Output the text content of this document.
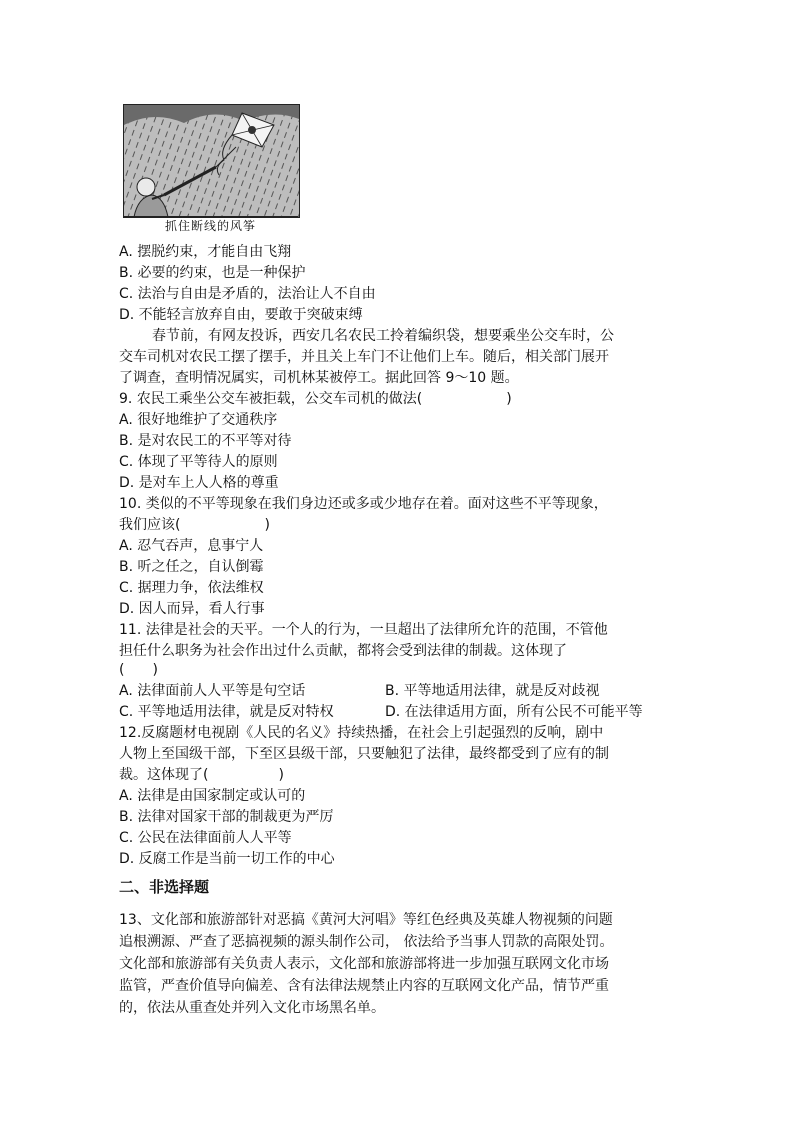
抓住断线的风筝
A. 摆脱约束，才能自由飞翔
B. 必要的约束，也是一种保护
C. 法治与自由是矛盾的，法治让人不自由
D. 不能轻言放弃自由，要敢于突破束缚
春节前，有网友投诉，西安几名农民工拎着编织袋，想要乘坐公交车时，公
交车司机对农民工摆了摆手，并且关上车门不让他们上车。随后，相关部门展开
了调查，查明情况属实，司机林某被停工。据此回答 9～10 题。
9. 农民工乘坐公交车被拒载，公交车司机的做法(　　　　　　)
A. 很好地维护了交通秩序
B. 是对农民工的不平等对待
C. 体现了平等待人的原则
D. 是对车上人人格的尊重
10. 类似的不平等现象在我们身边还或多或少地存在着。面对这些不平等现象，
我们应该(　　　　　　)
A. 忍气吞声，息事宁人
B. 听之任之，自认倒霉
C. 据理力争，依法维权
D. 因人而异，看人行事
11. 法律是社会的天平。一个人的行为，一旦超出了法律所允许的范围，不管他
担任什么职务为社会作出过什么贡献，都将会受到法律的制裁。这体现了
(　　)
A. 法律面前人人平等是句空话	B. 平等地适用法律，就是反对歧视
C. 平等地适用法律，就是反对特权	D. 在法律适用方面，所有公民不可能平等
12.反腐题材电视剧《人民的名义》持续热播，在社会上引起强烈的反响，剧中
人物上至国级干部，下至区县级干部，只要触犯了法律，最终都受到了应有的制
裁。这体现了(　　　　　)
A. 法律是由国家制定或认可的
B. 法律对国家干部的制裁更为严厉
C. 公民在法律面前人人平等
D. 反腐工作是当前一切工作的中心
二、非选择题
13、文化部和旅游部针对恶搞《黄河大河唱》等红色经典及英雄人物视频的问题
追根溯源、严查了恶搞视频的源头制作公司， 依法给予当事人罚款的高限处罚。
文化部和旅游部有关负责人表示，文化部和旅游部将进一步加强互联网文化市场
监管，严查价值导向偏差、含有法律法规禁止内容的互联网文化产品，情节严重
的，依法从重查处并列入文化市场黑名单。
